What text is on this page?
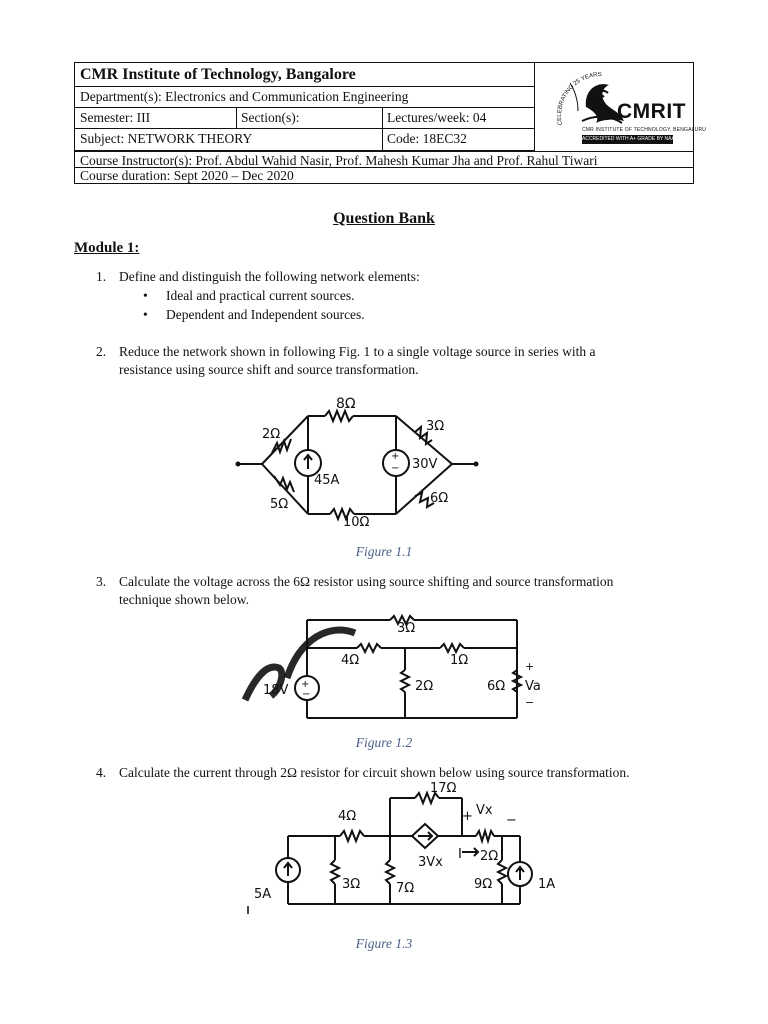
CMR Institute of Technology, Bangalore
Department(s): Electronics and Communication Engineering
Semester: III	Section(s):	Lectures/week: 04
Subject: NETWORK THEORY	Code: 18EC32
Course Instructor(s): Prof. Abdul Wahid Nasir, Prof. Mahesh Kumar Jha and Prof. Rahul Tiwari
Course duration: Sept 2020 – Dec 2020
CELEBRATING 25 YEARS
CMRIT
CMR INSTITUTE OF TECHNOLOGY, BENGALURU
ACCREDITED WITH A+ GRADE BY NAAC
Question Bank
Module 1:
1. Define and distinguish the following network elements:
• Ideal and practical current sources.
• Dependent and Independent sources.
2. Reduce the network shown in following Fig. 1 to a single voltage source in series with a
resistance using source shift and source transformation.
+
−
8Ω
2Ω
3Ω
5Ω
10Ω
6Ω
45A
30V
Figure 1.1
3. Calculate the voltage across the 6Ω resistor using source shifting and source transformation
technique shown below.
+
−
3Ω
4Ω	1Ω
2Ω	6Ω
18V
+
Va
−
Figure 1.2
4. Calculate the current through 2Ω resistor for circuit shown below using source transformation.
17Ω
4Ω	+ Vx
−
I 2Ω
3Vx
5A
1A
3Ω	7Ω	9Ω
Figure 1.3
